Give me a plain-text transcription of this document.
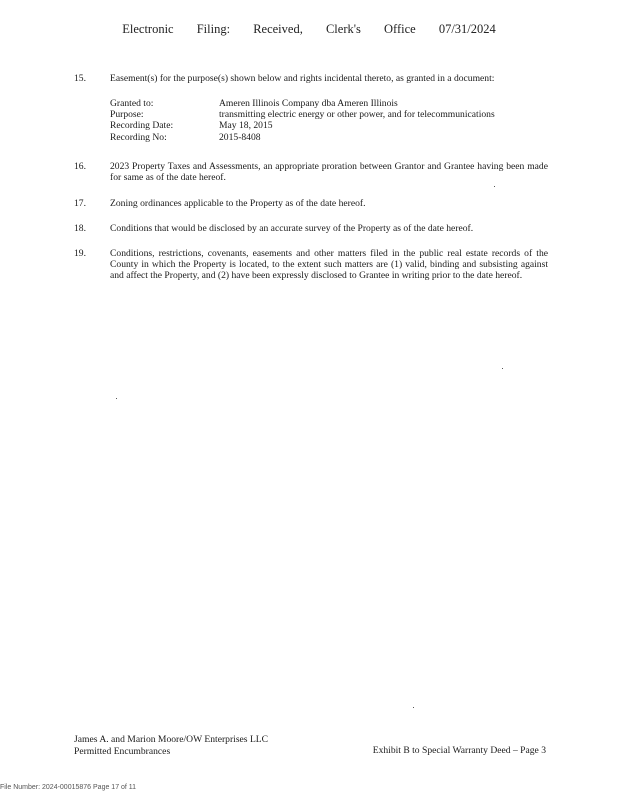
Electronic Filing: Received, Clerk's Office 07/31/2024
15.	Easement(s) for the purpose(s) shown below and rights incidental thereto, as granted in a document:
Granted to:	Ameren Illinois Company dba Ameren Illinois
Purpose:	transmitting electric energy or other power, and for telecommunications
Recording Date:	May 18, 2015
Recording No:	2015-8408
16.	2023 Property Taxes and Assessments, an appropriate proration between Grantor and Grantee having been made for same as of the date hereof.
17.	Zoning ordinances applicable to the Property as of the date hereof.
18.	Conditions that would be disclosed by an accurate survey of the Property as of the date hereof.
19.	Conditions, restrictions, covenants, easements and other matters filed in the public real estate records of the County in which the Property is located, to the extent such matters are (1) valid, binding and subsisting against and affect the Property, and (2) have been expressly disclosed to Grantee in writing prior to the date hereof.
James A. and Marion Moore/OW Enterprises LLC
Permitted Encumbrances	Exhibit B to Special Warranty Deed – Page 3
File Number: 2024-00015876 Page 17 of 11
